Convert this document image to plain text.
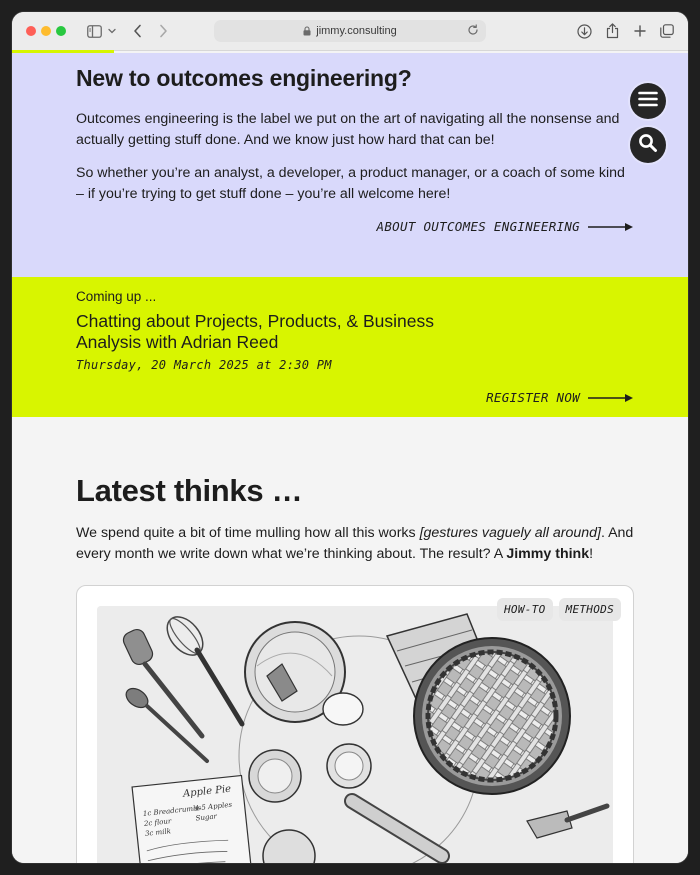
jimmy.consulting
New to outcomes engineering?

Outcomes engineering is the label we put on the art of navigating all the nonsense and actually getting stuff done. And we know just how hard that can be!

So whether you’re an analyst, a developer, a product manager, or a coach of some kind – if you’re trying to get stuff done – you’re all welcome here!

ABOUT OUTCOMES ENGINEERING
Coming up ...
Chatting about Projects, Products, & Business Analysis with Adrian Reed
Thursday, 20 March 2025 at 2:30 PM
REGISTER NOW
Latest thinks …

We spend quite a bit of time mulling how all this works [gestures vaguely all around]. And every month we write down what we’re thinking about. The result? A Jimmy think!

Apple Pie
1c Breadcrumbs
2c flour
3c milk
4-5 Apples
Sugar
HOW-TO	METHODS
